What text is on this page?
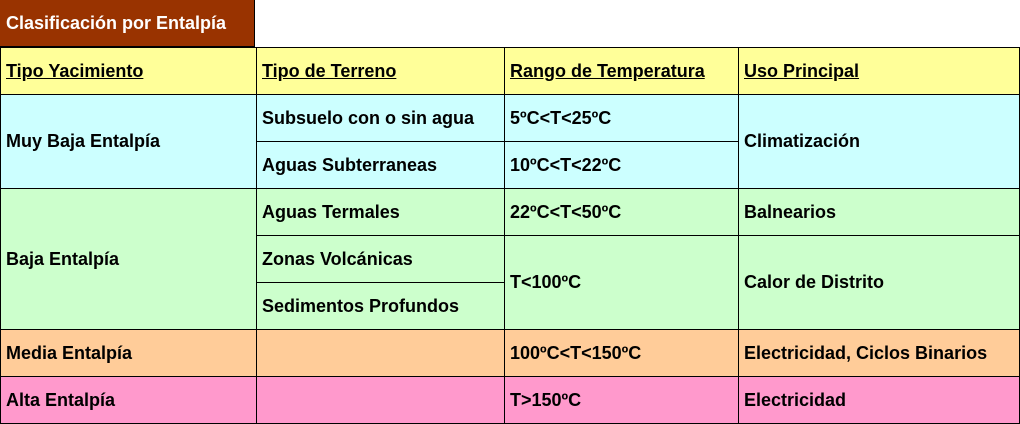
Clasificación por Entalpía
Tipo Yacimiento	Tipo de Terreno	Rango de Temperatura	Uso Principal
Muy Baja Entalpía	Subsuelo con o sin agua	5ºC<T<25ºC	Climatización
	Aguas Subterraneas	10ºC<T<22ºC	
Baja Entalpía	Aguas Termales	22ºC<T<50ºC	Balnearios
	Zonas Volcánicas	T<100ºC	Calor de Distrito
	Sedimentos Profundos		
Media Entalpía		100ºC<T<150ºC	Electricidad, Ciclos Binarios
Alta Entalpía		T>150ºC	Electricidad
